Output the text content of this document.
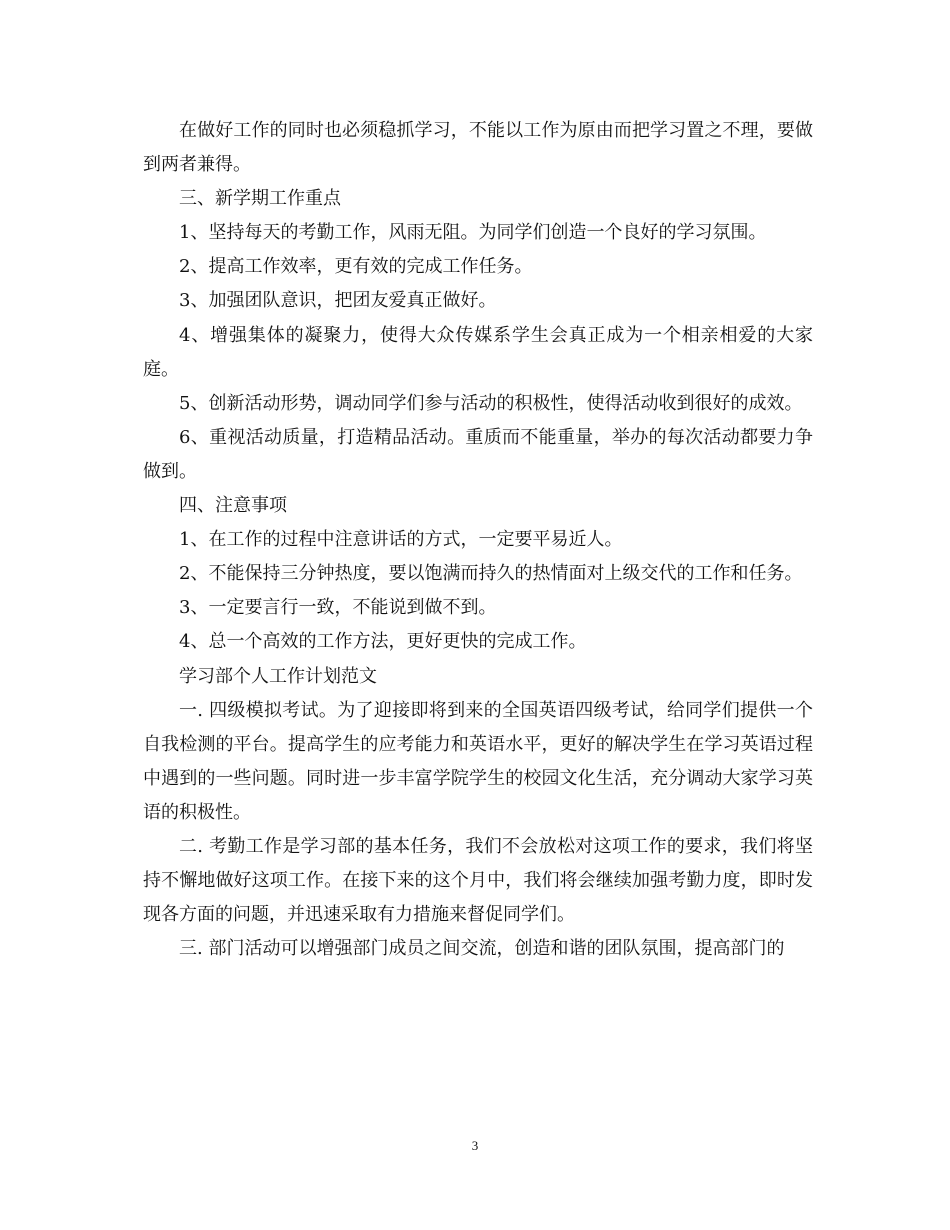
在做好工作的同时也必须稳抓学习，不能以工作为原由而把学习置之不理，要做到两者兼得。

三、新学期工作重点

1、坚持每天的考勤工作，风雨无阻。为同学们创造一个良好的学习氛围。

2、提高工作效率，更有效的完成工作任务。

3、加强团队意识，把团友爱真正做好。

4、增强集体的凝聚力，使得大众传媒系学生会真正成为一个相亲相爱的大家庭。

5、创新活动形势，调动同学们参与活动的积极性，使得活动收到很好的成效。

6、重视活动质量，打造精品活动。重质而不能重量，举办的每次活动都要力争做到。

四、注意事项

1、在工作的过程中注意讲话的方式，一定要平易近人。

2、不能保持三分钟热度，要以饱满而持久的热情面对上级交代的工作和任务。

3、一定要言行一致，不能说到做不到。

4、总一个高效的工作方法，更好更快的完成工作。

学习部个人工作计划范文

一. 四级模拟考试。为了迎接即将到来的全国英语四级考试，给同学们提供一个自我检测的平台。提高学生的应考能力和英语水平，更好的解决学生在学习英语过程中遇到的一些问题。同时进一步丰富学院学生的校园文化生活，充分调动大家学习英语的积极性。

二. 考勤工作是学习部的基本任务，我们不会放松对这项工作的要求，我们将坚持不懈地做好这项工作。在接下来的这个月中，我们将会继续加强考勤力度，即时发现各方面的问题，并迅速采取有力措施来督促同学们。

三. 部门活动可以增强部门成员之间交流，创造和谐的团队氛围，提高部门的

3
